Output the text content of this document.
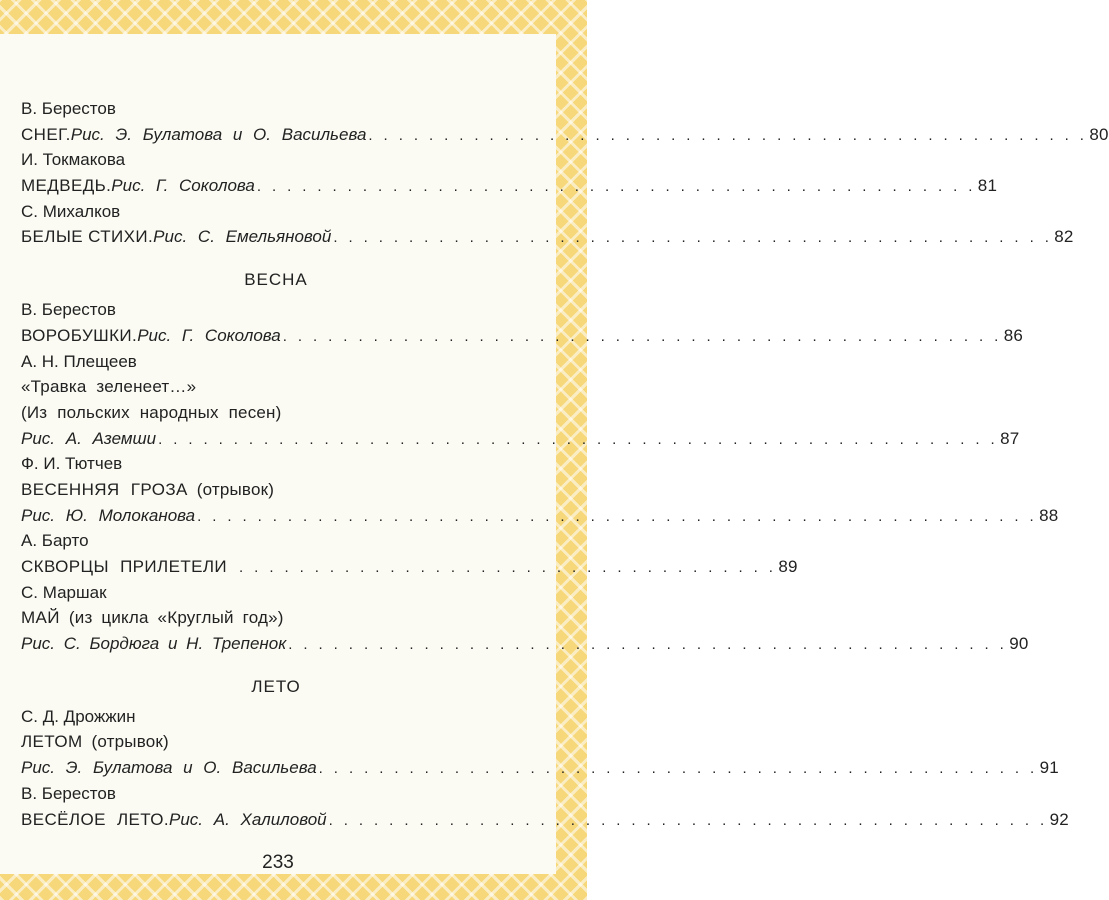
В. Берестов
СНЕГ. Рис. Э. Булатова и О. Васильева . . . . . . . . . . . . . . . . . . . . . . . . . . . . . . . . . . . . . . . . . . . . . . . . 80
И. Токмакова
МЕДВЕДЬ. Рис. Г. Соколова . . . . . . . . . . . . . . . . . . . . . . . . . . . . . . . . . . . . . . . . . . . . . . . . 81
С. Михалков
БЕЛЫЕ СТИХИ. Рис. С. Емельяновой . . . . . . . . . . . . . . . . . . . . . . . . . . . . . . . . . . . . . . . . . . . . . . . . 82
ВЕСНА
В. Берестов
ВОРОБУШКИ. Рис. Г. Соколова . . . . . . . . . . . . . . . . . . . . . . . . . . . . . . . . . . . . . . . . . . . . . . . . 86
А. Н. Плещеев
«Травка зеленеет…»
(Из польских народных песен)
Рис. А. Аземши . . . . . . . . . . . . . . . . . . . . . . . . . . . . . . . . . . . . . . . . . . . . . . . . . . . . . . . . 87
Ф. И. Тютчев
ВЕСЕННЯЯ ГРОЗА (отрывок)
Рис. Ю. Молоканова . . . . . . . . . . . . . . . . . . . . . . . . . . . . . . . . . . . . . . . . . . . . . . . . . . . . . . . . 88
А. Барто
СКВОРЦЫ ПРИЛЕТЕЛИ . . . . . . . . . . . . . . . . . . . . . . . . . . . . . . . . . . . . 89
С. Маршак
МАЙ (из цикла «Круглый год»)
Рис. С. Бордюга и Н. Трепенок . . . . . . . . . . . . . . . . . . . . . . . . . . . . . . . . . . . . . . . . . . . . . . . . 90
ЛЕТО
С. Д. Дрожжин
ЛЕТОМ (отрывок)
Рис. Э. Булатова и О. Васильева . . . . . . . . . . . . . . . . . . . . . . . . . . . . . . . . . . . . . . . . . . . . . . . . 91
В. Берестов
ВЕСЁЛОЕ ЛЕТО. Рис. А. Халиловой . . . . . . . . . . . . . . . . . . . . . . . . . . . . . . . . . . . . . . . . . . . . . . . . 92
233
